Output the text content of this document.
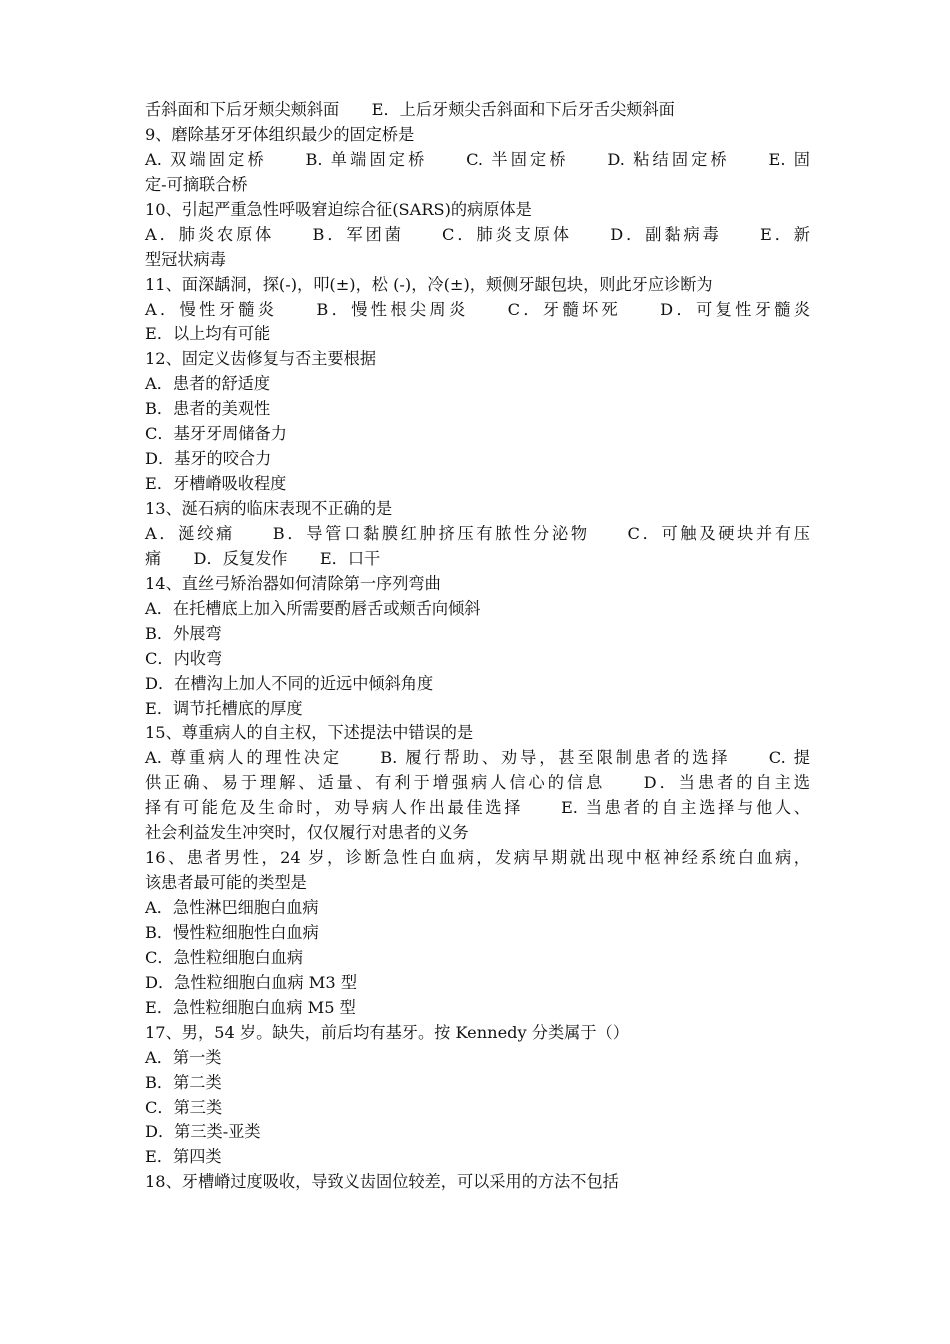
舌斜面和下后牙颊尖颊斜面　　E．上后牙颊尖舌斜面和下后牙舌尖颊斜面
9、磨除基牙牙体组织最少的固定桥是
A. 双端固定桥　　B. 单端固定桥　　C. 半固定桥　　D. 粘结固定桥　　E. 固
定-可摘联合桥
10、引起严重急性呼吸窘迫综合征(SARS)的病原体是
A．肺炎农原体　　B．军团菌　　C．肺炎支原体　　D．副黏病毒　　E．新
型冠状病毒
11、面深龋洞，探(-)，叩(±)，松 (-)，冷(±)，颊侧牙龈包块，则此牙应诊断为
A．慢性牙髓炎　　B．慢性根尖周炎　　C．牙髓坏死　　D．可复性牙髓炎
E．以上均有可能
12、固定义齿修复与否主要根据
A．患者的舒适度
B．患者的美观性
C．基牙牙周储备力
D．基牙的咬合力
E．牙槽嵴吸收程度
13、涎石病的临床表现不正确的是
A．涎绞痛　　B．导管口黏膜红肿挤压有脓性分泌物　　C．可触及硬块并有压
痛　　D．反复发作　　E．口干
14、直丝弓矫治器如何清除第一序列弯曲
A．在托槽底上加入所需要酌唇舌或颊舌向倾斜
B．外展弯
C．内收弯
D．在槽沟上加人不同的近远中倾斜角度
E．调节托槽底的厚度
15、尊重病人的自主权，下述提法中错误的是
A. 尊重病人的理性决定　　B. 履行帮助、劝导，甚至限制患者的选择　　C. 提
供正确、易于理解、适量、有利于增强病人信心的信息　　D．当患者的自主选
择有可能危及生命时，劝导病人作出最佳选择　　E. 当患者的自主选择与他人、
社会利益发生冲突时，仅仅履行对患者的义务
16、患者男性，24 岁，诊断急性白血病，发病早期就出现中枢神经系统白血病，
该患者最可能的类型是
A．急性淋巴细胞白血病
B．慢性粒细胞性白血病
C．急性粒细胞白血病
D．急性粒细胞白血病 M3 型
E．急性粒细胞白血病 M5 型
17、男，54 岁。缺失，前后均有基牙。按 Kennedy 分类属于（）
A．第一类
B．第二类
C．第三类
D．第三类-亚类
E．第四类
18、牙槽嵴过度吸收，导致义齿固位较差，可以采用的方法不包括
